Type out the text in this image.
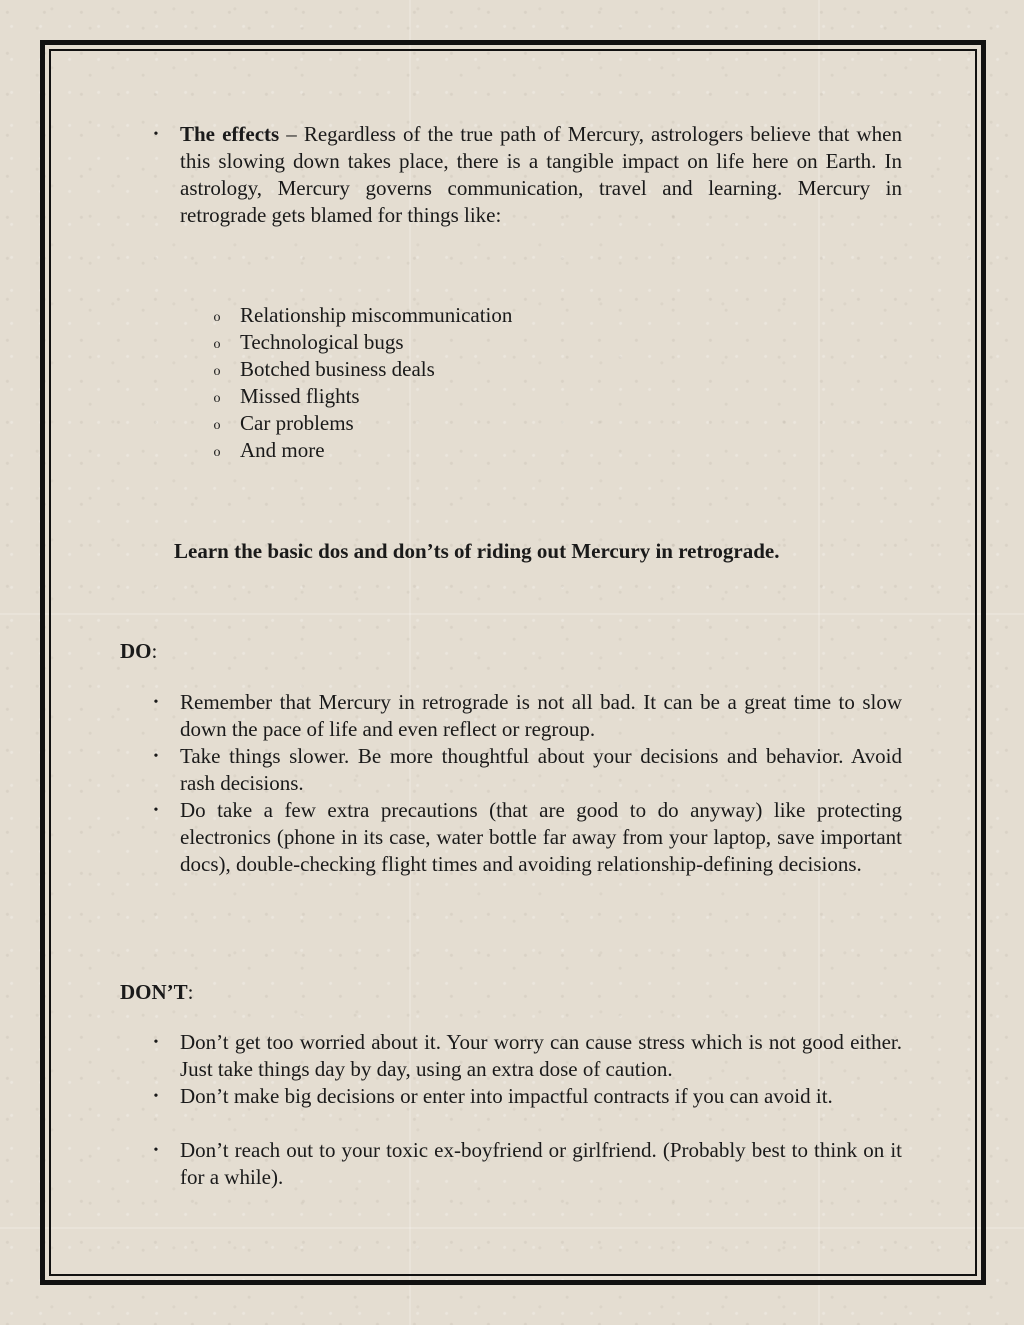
• The effects – Regardless of the true path of Mercury, astrologers believe that when this slowing down takes place, there is a tangible impact on life here on Earth. In astrology, Mercury governs communication, travel and learning. Mercury in retrograde gets blamed for things like:
o Relationship miscommunication
o Technological bugs
o Botched business deals
o Missed flights
o Car problems
o And more
Learn the basic dos and don’ts of riding out Mercury in retrograde.
DO:
• Remember that Mercury in retrograde is not all bad. It can be a great time to slow down the pace of life and even reflect or regroup.
• Take things slower. Be more thoughtful about your decisions and behavior. Avoid rash decisions.
• Do take a few extra precautions (that are good to do anyway) like protecting electronics (phone in its case, water bottle far away from your laptop, save important docs), double-checking flight times and avoiding relationship-defining decisions.
DON’T:
• Don’t get too worried about it. Your worry can cause stress which is not good either. Just take things day by day, using an extra dose of caution.
• Don’t make big decisions or enter into impactful contracts if you can avoid it.
• Don’t reach out to your toxic ex-boyfriend or girlfriend. (Probably best to think on it for a while).
